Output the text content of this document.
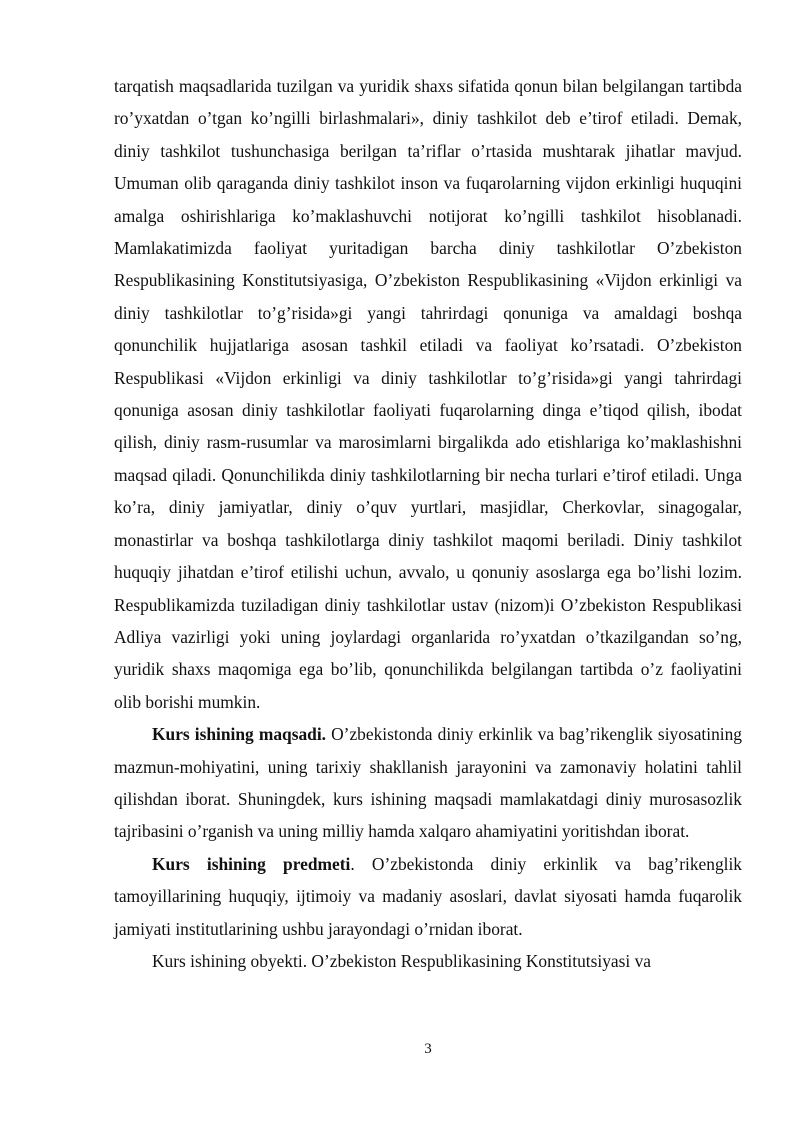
tarqatish maqsadlarida tuzilgan va yuridik shaxs sifatida qonun bilan belgilangan tartibda ro’yxatdan o’tgan ko’ngilli birlashmalari», diniy tashkilot deb e’tirof etiladi. Demak, diniy tashkilot tushunchasiga berilgan ta’riflar o’rtasida mushtarak jihatlar mavjud. Umuman olib qaraganda diniy tashkilot inson va fuqarolarning vijdon erkinligi huquqini amalga oshirishlariga ko’maklashuvchi notijorat ko’ngilli tashkilot hisoblanadi. Mamlakatimizda faoliyat yuritadigan barcha diniy tashkilotlar O’zbekiston Respublikasining Konstitutsiyasiga, O’zbekiston Respublikasining «Vijdon erkinligi va diniy tashkilotlar to’g’risida»gi yangi tahrirdagi qonuniga va amaldagi boshqa qonunchilik hujjatlariga asosan tashkil etiladi va faoliyat ko’rsatadi. O’zbekiston Respublikasi «Vijdon erkinligi va diniy tashkilotlar to’g’risida»gi yangi tahrirdagi qonuniga asosan diniy tashkilotlar faoliyati fuqarolarning dinga e’tiqod qilish, ibodat qilish, diniy rasm-rusumlar va marosimlarni birgalikda ado etishlariga ko’maklashishni maqsad qiladi. Qonunchilikda diniy tashkilotlarning bir necha turlari e’tirof etiladi. Unga ko’ra, diniy jamiyatlar, diniy o’quv yurtlari, masjidlar, Cherkovlar, sinagogalar, monastirlar va boshqa tashkilotlarga diniy tashkilot maqomi beriladi. Diniy tashkilot huquqiy jihatdan e’tirof etilishi uchun, avvalo, u qonuniy asoslarga ega bo’lishi lozim. Respublikamizda tuziladigan diniy tashkilotlar ustav (nizom)i O’zbekiston Respublikasi Adliya vazirligi yoki uning joylardagi organlarida ro’yxatdan o’tkazilgandan so’ng, yuridik shaxs maqomiga ega bo’lib, qonunchilikda belgilangan tartibda o’z faoliyatini olib borishi mumkin.

Kurs ishining maqsadi. O’zbekistonda diniy erkinlik va bag’rikenglik siyosatining mazmun-mohiyatini, uning tarixiy shakllanish jarayonini va zamonaviy holatini tahlil qilishdan iborat. Shuningdek, kurs ishining maqsadi mamlakatdagi diniy murosasozlik tajribasini o’rganish va uning milliy hamda xalqaro ahamiyatini yoritishdan iborat.

Kurs ishining predmeti. O’zbekistonda diniy erkinlik va bag’rikenglik tamoyillarining huquqiy, ijtimoiy va madaniy asoslari, davlat siyosati hamda fuqarolik jamiyati institutlarining ushbu jarayondagi o’rnidan iborat.

Kurs ishining obyekti. O’zbekiston Respublikasining Konstitutsiyasi va

3
